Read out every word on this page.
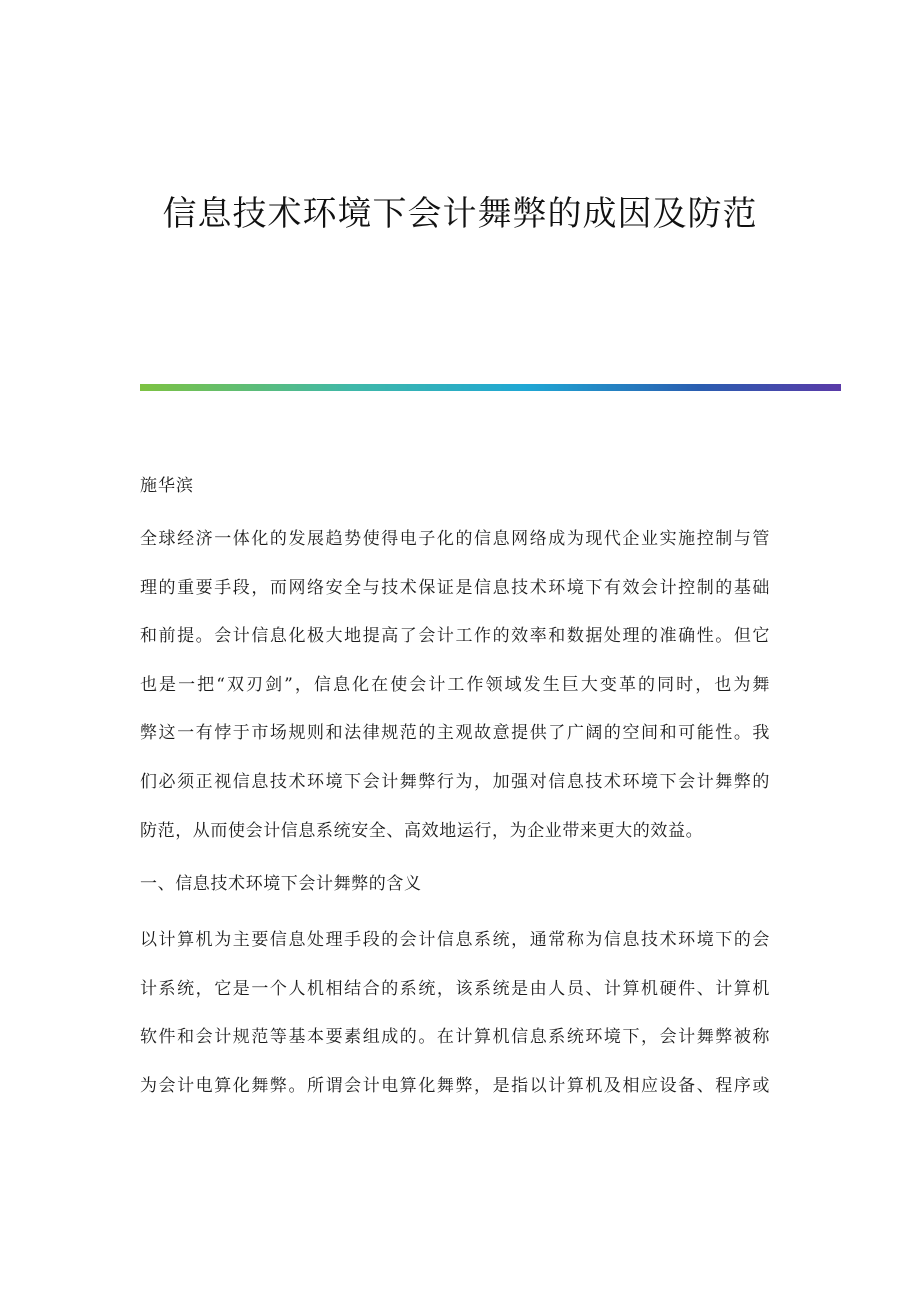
信息技术环境下会计舞弊的成因及防范
施华滨
全球经济一体化的发展趋势使得电子化的信息网络成为现代企业实施控制与管
理的重要手段，而网络安全与技术保证是信息技术环境下有效会计控制的基础
和前提。会计信息化极大地提高了会计工作的效率和数据处理的准确性。但它
也是一把“双刃剑”，信息化在使会计工作领域发生巨大变革的同时，也为舞
弊这一有悖于市场规则和法律规范的主观故意提供了广阔的空间和可能性。我
们必须正视信息技术环境下会计舞弊行为，加强对信息技术环境下会计舞弊的
防范，从而使会计信息系统安全、高效地运行，为企业带来更大的效益。
一、信息技术环境下会计舞弊的含义
以计算机为主要信息处理手段的会计信息系统，通常称为信息技术环境下的会
计系统，它是一个人机相结合的系统，该系统是由人员、计算机硬件、计算机
软件和会计规范等基本要素组成的。在计算机信息系统环境下，会计舞弊被称
为会计电算化舞弊。所谓会计电算化舞弊，是指以计算机及相应设备、程序或
